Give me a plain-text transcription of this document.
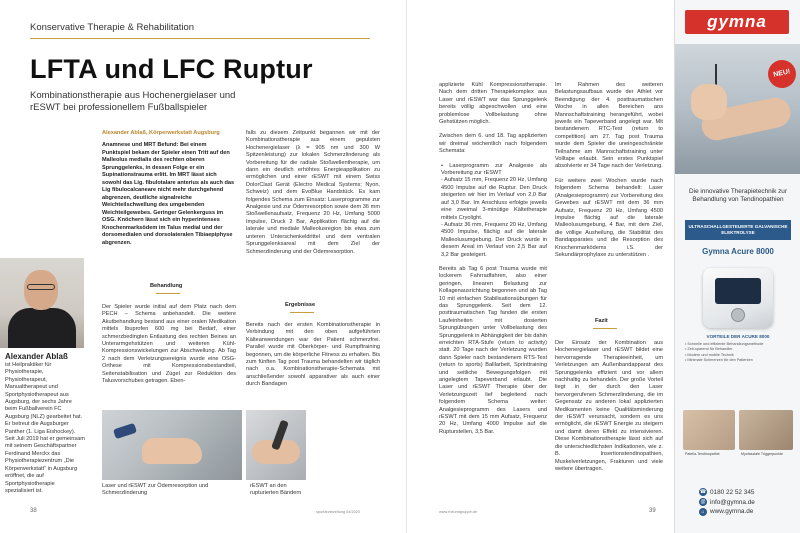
Konservative Therapie & Rehabilitation
LFTA und LFC Ruptur
Kombinationstherapie aus Hochenergielaser und rESWT bei professionellem Fußballspieler
Alexander Ablaß
ist Heilpraktiker für Physiotherapie, Physiotherapeut, Manualtherapeut und Sportphysiotherapeut aus Augsburg, der sechs Jahre beim Fußballverein FC Augsburg (NLZ) gearbeitet hat. Er betreut die Augsburger Panther (1. Liga Eishockey). Seit Juli 2019 hat er gemeinsam mit seinem Geschäftspartner Ferdinand Merckx das Physiotherapiezentrum „Die Körperwerkstatt“ in Augsburg eröffnet, die auf Sportphysiotherapie spezialisiert ist.
Alexander Ablaß, Körperwerkstatt Augsburg
Anamnese und MRT Befund: Bei einem Punktspiel bekam der Spieler einen Tritt auf den Malleolus medialis des rechten oberen Sprunggelenks, in dessen Folge er ein Supinationstrauma erlitt. Im MRT lässt sich sowohl das Lig. fibulotalare anterius als auch das Lig fibulocalcaneare nicht mehr durchgehend abgrenzen, deutliche signalreiche Weichteilschwellung des umgebenden Weichteilgewebes. Geringer Gelenkerguss im OSG. Knöchern lässt sich ein hyperintenses Knochenmarksödem im Talus medial und der dorsomedialen und dorsolateralen Tibiaepiphyse abgrenzen.
Behandlung
Der Spieler wurde initial auf dem Platz nach dem PECH – Schema anbehandelt. Die weitere Akutbehandlung bestand aus einer oralen Medikation mittels Ibuprofen 600 mg bei Bedarf, einer schmerzbedingten Entlastung des rechten Beines an Unterarmgehstützen und weiteren Kühl-Kompressionswickelungen zur Abschwellung. Ab Tag 2 nach dem Verletzungsereignis wurde eine OSG-Orthese mit Kompressionsbestandteil, Seitenstabilisation und Zügel zur Reduktion des Talusvorschubes getragen. Eben-
falls zu diesem Zeitpunkt begannen wir mit der Kombinationstherapie aus einem gepulsten Hochenergielaser (λ = 905 nm und 300 W Spitzenleistung) zur lokalen Schmerzlinderung als Vorbereitung für die radiale Stoßwellentherapie, um dann ein deutlich erhöhtes Energieapplikation zu ermöglichen und einer rESWT mit einem Swiss DolorClast Gerät (Electro Medical Systems; Nyon, Schweiz) und dem EvoBlue Handstück. Es kam folgendes Schema zum Einsatz: Laserprogramme zur Analgesie und zur Ödemresorption sowie dem 36 mm Stoßwellenaufsatz, Frequenz 20 Hz, Umfang 5000 Impulse, Druck 2 Bar, Applikation flächig auf die laterale und mediale Malleolusregion bis etwa zum unteren Unterschenkeldrittel und dem ventralen Sprunggelenksareal mit dem Ziel der Schmerzlinderung und der Ödemresorption.
Ergebnisse
Bereits nach der ersten Kombinationstherapie in Verbindung mit den oben aufgeführten Kälteanwendungen war der Patient schmerzfrei. Parallel wurde mit Oberkörper- und Rumpftraining begonnen, um die körperliche Fitness zu erhalten. Bis zum fünften Tag post Trauma behandelten wir täglich nach o.a. Kombinationstherapie-Schemata mit anschließender sowohl apparativer als auch einer durch Bandagen
Laser und rESWT zur Ödemresorption und Schmerzlinderung
rESWT an den rupturierten Bändern
38	sportärztezeitung 04/2020

applizierte Kühl Kompressionstherapie. Nach dem dritten Therapiekomplex aus Laser und rESWT war das Sprunggelenk bereits völlig abgeschwollen und eine problemlose Vollbelastung ohne Gehstützen möglich.

Zwischen dem 6. und 18. Tag applizierten wir dreimal wöchentlich nach folgendem Schemata:

• Laserprogramm zur Analgesie als Vorbereitung zur rESWT
- Aufsatz 15 mm, Frequenz 20 Hz, Umfang 4500 Impulse auf die Ruptur. Den Druck steigerten wir hier im Verlauf von 2,0 Bar auf 3,0 Bar. Im Anschluss erfolgte jeweils eine zweimal 3-minütige Kältetherapie mittels Cryolight.
- Aufsatz 36 mm, Frequenz 20 Hz, Umfang 4500 Impulse, flächig auf die laterale Malleolusumgebung. Der Druck wurde in diesem Areal im Verlauf von 2,5 Bar auf 3,2 Bar gesteigert.

Bereits ab Tag 6 post Trauma wurde mit lockerem Fahrradfahren, also einer geringen, linearen Belastung zur Kollagenausrichtung begonnen und ab Tag 10 mit einfachen Stabilisationsübungen für das Sprunggelenk. Seit dem 12. posttraumatischen Tag fanden die ersten Laufeinheiten mit dosierten Sprungübungen unter Vollbelastung des Sprunggelenk in Abhängigkeit der bis dahin erreichten RTA-Stufe (return to activity) statt. 20 Tage nach der Verletzung wurden dann Spieler nach bestandenem RTS-Test (return to sports) Balllarbeit, Sprinttraining und seitliche Bewegungsfolgen mit angelegtem Tapeverband erlaubt. Die Laser und rESWT Therapie über der Verletzungszeit lief begleitend nach folgendem Schema weiter: Analgesieprogramm des Lasers und rESWT mit dem 15 mm Aufsatz, Frequenz 20 Hz, Umfang 4000 Impulse auf die Rupturstellen, 3,5 Bar.

Im Rahmen des weiteren Belastungsaufbaus wurde der Athlet vor Beendigung der 4. posttraumatischen Woche in allen Bereichen ans Mannschaftstraining herangeführt, wobei jeweils ein Tapeverband angelegt war. Mit bestandenem RTC-Test (return to competition) am 27. Tag post Trauma wurde dem Spieler die uneingeschränkte Teilnahme am Mannschaftstraining unter Volltape erlaubt. Sein erstes Punktspiel absolvierte er 34 Tage nach der Verletzung.

Für weitere zwei Wochen wurde nach folgendem Schema behandelt: Laser (Analgesieprogramm) zur Vorbereitung des Gewebes auf rESWT mit dem 36 mm Aufsatz, Frequenz 20 Hz, Umfang 4500 Impulse flächig auf die laterale Malleolusumgebung, 4 Bar, mit dem Ziel, die völlige Ausheilung, die Stabilität des Bandapparates und die Resorption des Knochenmarködems i.S. der Sekundärprophylaxe zu unterstützen .

Fazit
Der Einsatz der Kombination aus Hochenergielaser und rESWT bildet eine hervorragende Therapieeinheit, um Verletzungen am Außenbandapparat des Sprunggelenks effizient und vor allem nachhaltig zu behandeln. Der große Vorteil liegt in der durch den Laser hervorgerufenen Schmerzlinderung, die im Gegensatz zu anderen lokal applizierten Medikamenten keine Qualitätsminderung der rESWT verursacht, sondern es uns ermöglicht, die rESWT Energie zu steigern und damit deren Effekt zu intensivieren. Diese Kombinationstherapie lässt sich auf die unterschiedlichsten Indikationen, wie z. B. Insertionstendinopathien, Muskelverletzungen, Frakturen und viele weitere übertragen.
www.rheumtgruppe.de	39
gymna
NEU!
Die innovative Therapietechnik zur Behandlung von Tendinopathien
ULTRASCHALLGESTEUERTE GALVANISCHE ELEKTROLYSE
Gymna Acure 8000
VORTEILE DER ACURE 8000
• Schnelle und effiziente Behandlungsmethode
• Zeit-sparend für Behandler
• Modern und mobile Technik
• Minimale Schmerzen für den Patienten
Patella-Tendinopathie	Myofasziale Triggerpunkte
☎ 0180 22 52 345
@ info@gymna.de
⌂ www.gymna.de
